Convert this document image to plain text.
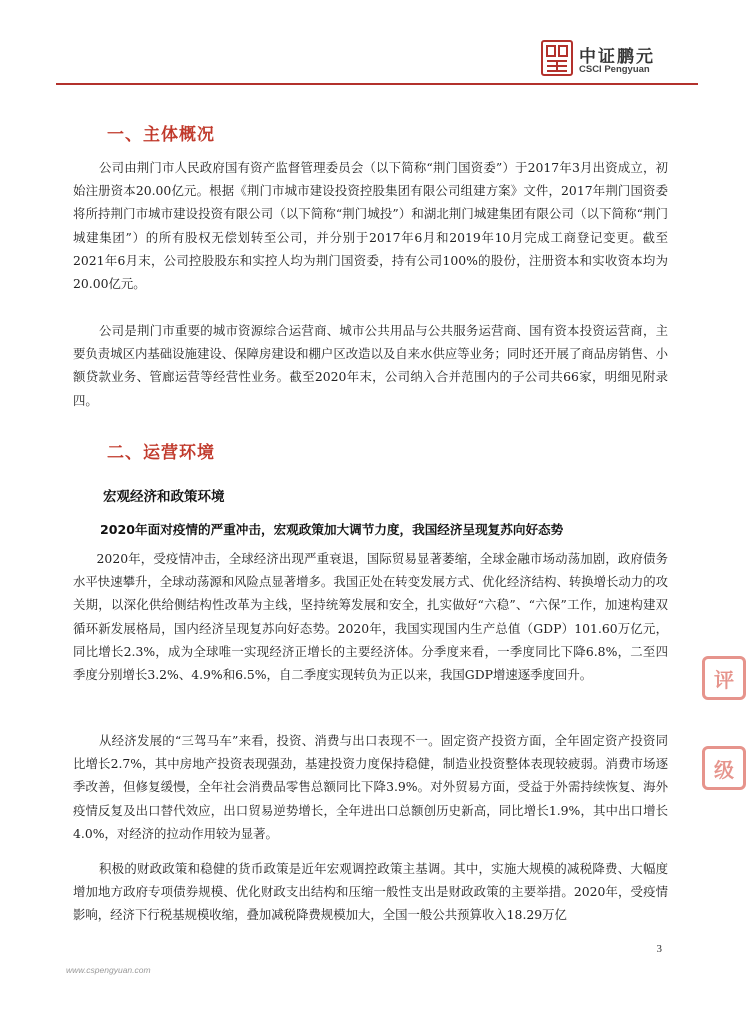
中证鹏元
CSCI Pengyuan
一、主体概况

公司由荆门市人民政府国有资产监督管理委员会（以下简称“荆门国资委”）于2017年3月出资成立，初始注册资本20.00亿元。根据《荆门市城市建设投资控股集团有限公司组建方案》文件，2017年荆门国资委将所持荆门市城市建设投资有限公司（以下简称“荆门城投”）和湖北荆门城建集团有限公司（以下简称“荆门城建集团”）的所有股权无偿划转至公司，并分别于2017年6月和2019年10月完成工商登记变更。截至2021年6月末，公司控股股东和实控人均为荆门国资委，持有公司100%的股份，注册资本和实收资本均为20.00亿元。

公司是荆门市重要的城市资源综合运营商、城市公共用品与公共服务运营商、国有资本投资运营商，主要负责城区内基础设施建设、保障房建设和棚户区改造以及自来水供应等业务；同时还开展了商品房销售、小额贷款业务、管廊运营等经营性业务。截至2020年末，公司纳入合并范围内的子公司共66家，明细见附录四。

二、运营环境
宏观经济和政策环境
2020年面对疫情的严重冲击，宏观政策加大调节力度，我国经济呈现复苏向好态势

2020年，受疫情冲击，全球经济出现严重衰退，国际贸易显著萎缩，全球金融市场动荡加剧，政府债务水平快速攀升，全球动荡源和风险点显著增多。我国正处在转变发展方式、优化经济结构、转换增长动力的攻关期，以深化供给侧结构性改革为主线，坚持统筹发展和安全，扎实做好“六稳”、“六保”工作，加速构建双循环新发展格局，国内经济呈现复苏向好态势。2020年，我国实现国内生产总值（GDP）101.60万亿元，同比增长2.3%，成为全球唯一实现经济正增长的主要经济体。分季度来看，一季度同比下降6.8%，二至四季度分别增长3.2%、4.9%和6.5%，自二季度实现转负为正以来，我国GDP增速逐季度回升。

从经济发展的“三驾马车”来看，投资、消费与出口表现不一。固定资产投资方面，全年固定资产投资同比增长2.7%，其中房地产投资表现强劲，基建投资力度保持稳健，制造业投资整体表现较疲弱。消费市场逐季改善，但修复缓慢，全年社会消费品零售总额同比下降3.9%。对外贸易方面，受益于外需持续恢复、海外疫情反复及出口替代效应，出口贸易逆势增长，全年进出口总额创历史新高，同比增长1.9%，其中出口增长4.0%，对经济的拉动作用较为显著。

积极的财政政策和稳健的货币政策是近年宏观调控政策主基调。其中，实施大规模的减税降费、大幅度增加地方政府专项债券规模、优化财政支出结构和压缩一般性支出是财政政策的主要举措。2020年，受疫情影响，经济下行税基规模收缩，叠加减税降费规模加大，全国一般公共预算收入18.29万亿

3
www.cspengyuan.com
评
级
